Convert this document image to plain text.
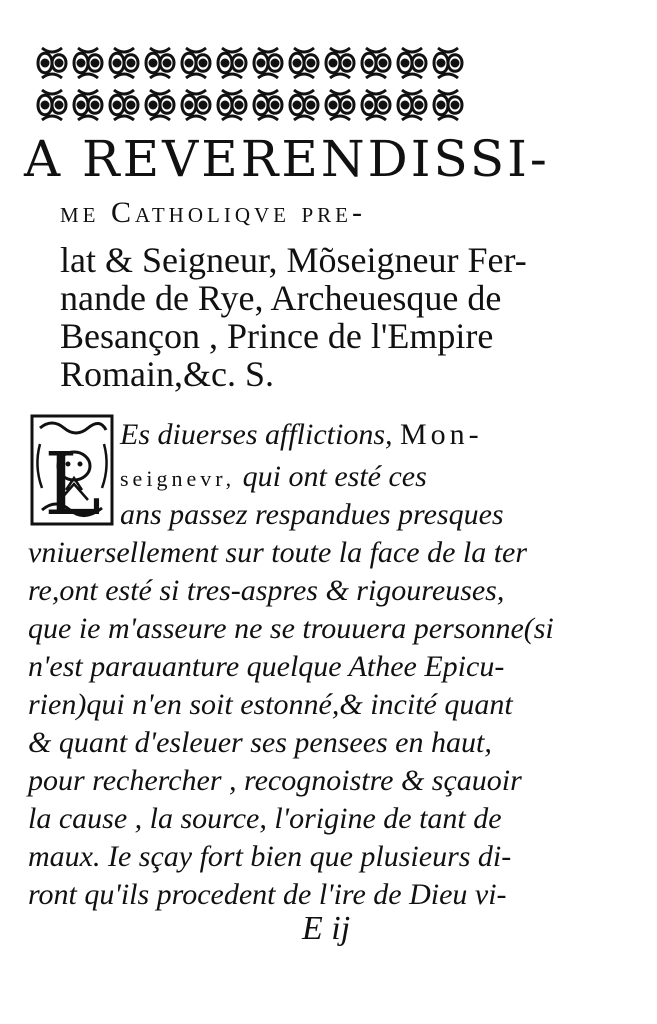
A REVERENDISSI-
me Catholiqve pre-
lat & Seigneur, Mõseigneur Fer-
nande de Rye, Archeuesque de
Besançon , Prince de l'Empire
Romain,&c. S.
L
Es diuerses afflictions, Mon-
seignevr, qui ont esté ces
ans passez respandues presques
vniuersellement sur toute la face de la ter
re,ont esté si tres-aspres & rigoureuses,
que ie m'asseure ne se trouuera personne(si
n'est parauanture quelque Athee Epicu-
rien)qui n'en soit estonné,& incité quant
& quant d'esleuer ses pensees en haut,
pour rechercher , recognoistre & sçauoir
la cause , la source, l'origine de tant de
maux. Ie sçay fort bien que plusieurs di-
ront qu'ils procedent de l'ire de Dieu vi-
E ij
